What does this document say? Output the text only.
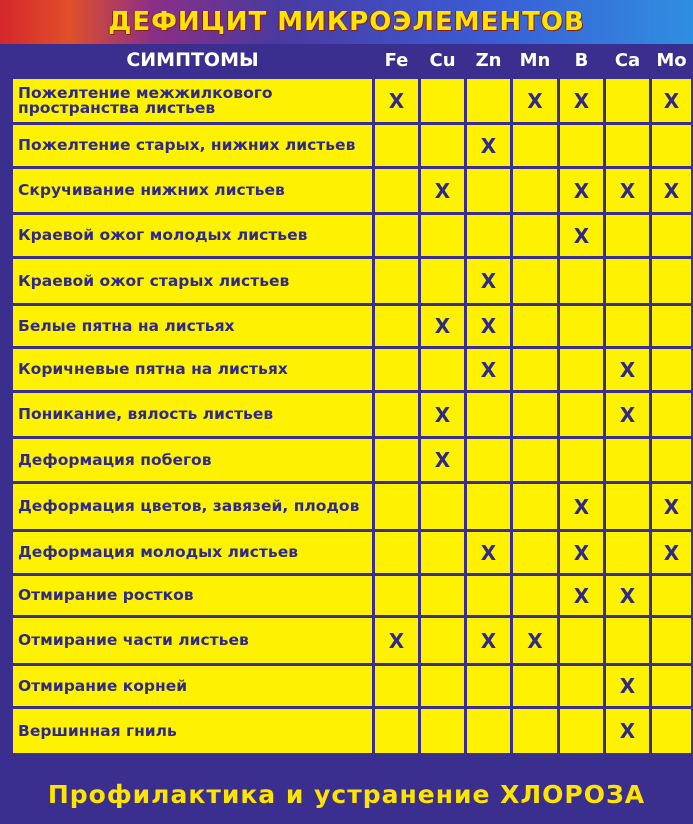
ДЕФИЦИТ МИКРОЭЛЕМЕНТОВ
СИМПТОМЫ	Fe	Cu	Zn	Mn	B	Ca	Mo
Пожелтение межжилкового пространства листьев	X			X	X		X
Пожелтение старых, нижних листьев			X				
Скручивание нижних листьев		X			X	X	X
Краевой ожог молодых листьев					X		
Краевой ожог старых листьев			X				
Белые пятна на листьях		X	X				
Коричневые пятна на листьях			X			X	
Поникание, вялость листьев		X				X	
Деформация побегов		X					
Деформация цветов, завязей, плодов					X		X
Деформация молодых листьев			X		X		X
Отмирание ростков					X	X	
Отмирание части листьев	X		X	X			
Отмирание корней						X	
Вершинная гниль						X	
Профилактика и устранение ХЛОРОЗА
